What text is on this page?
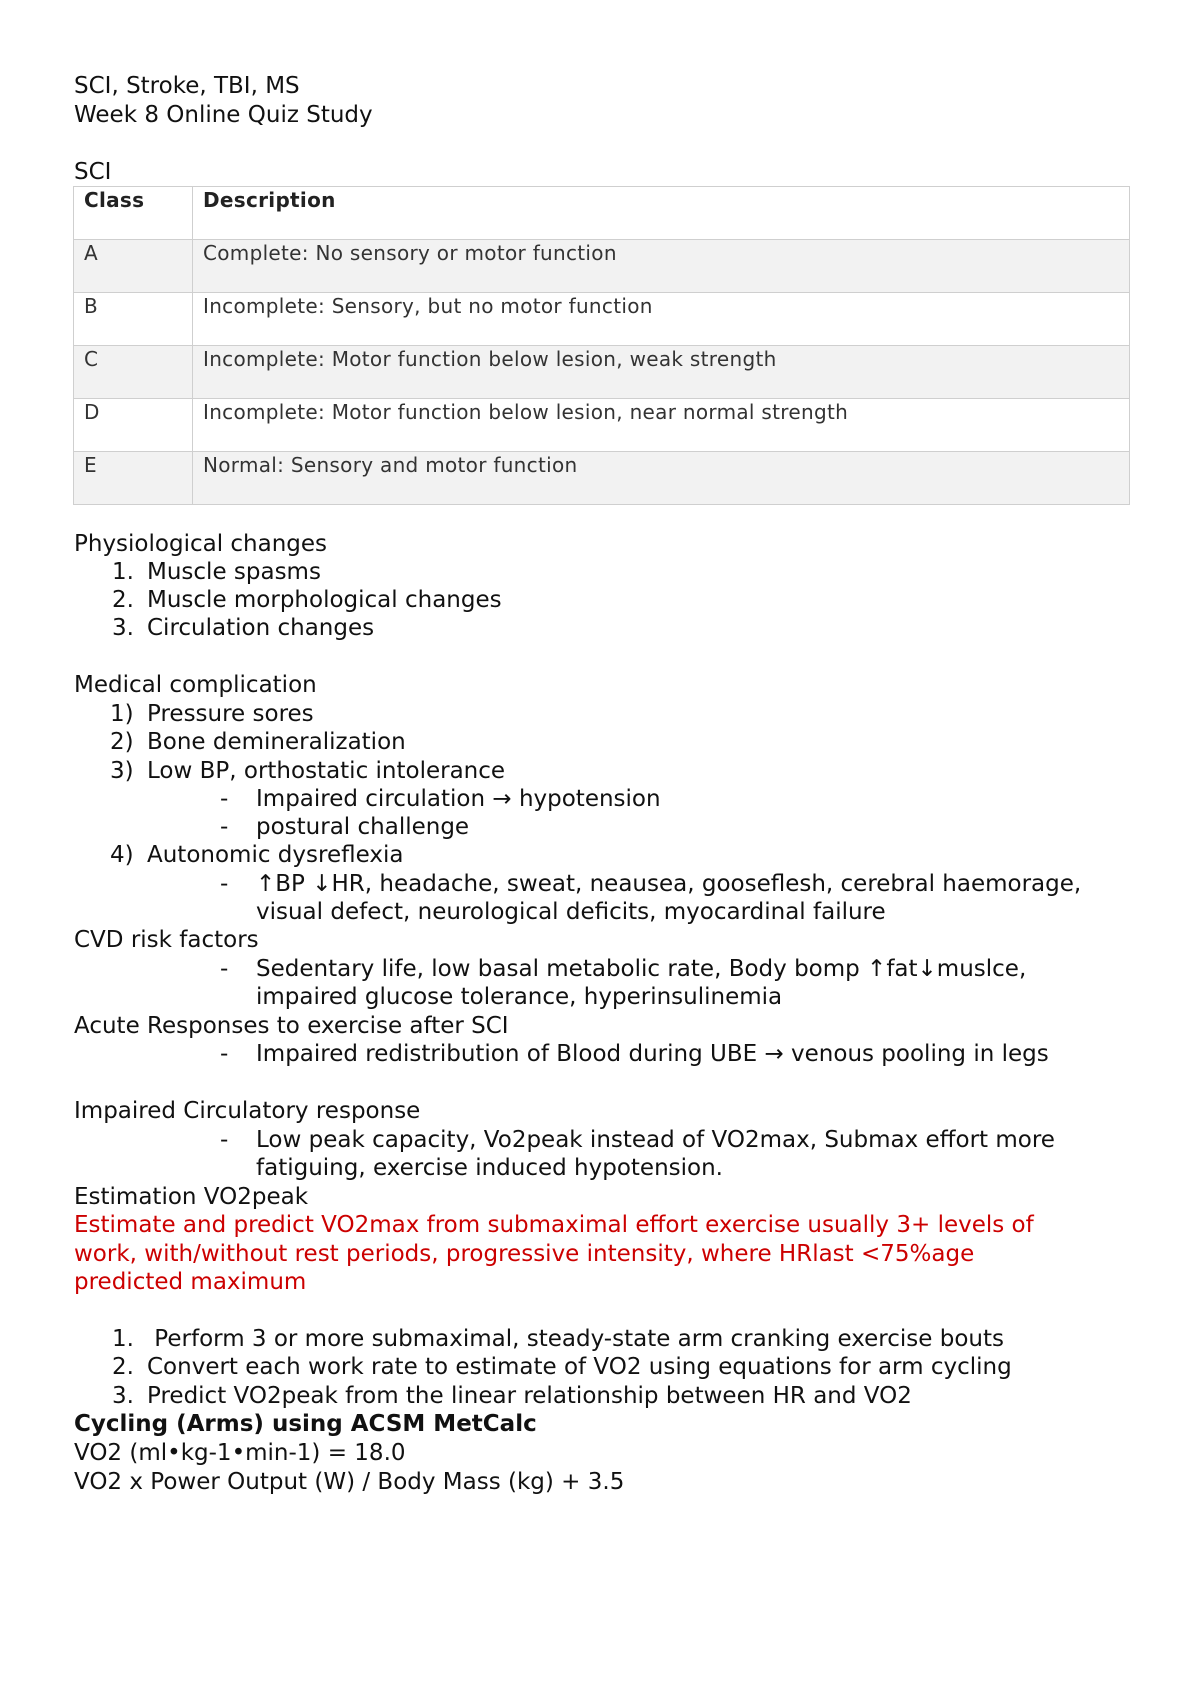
SCI, Stroke, TBI, MS
Week 8 Online Quiz Study
SCI
Class	Description
A	Complete: No sensory or motor function
B	Incomplete: Sensory, but no motor function
C	Incomplete: Motor function below lesion, weak strength
D	Incomplete: Motor function below lesion, near normal strength
E	Normal: Sensory and motor function
Physiological changes
1. Muscle spasms
2. Muscle morphological changes
3. Circulation changes
Medical complication
1) Pressure sores
2) Bone demineralization
3) Low BP, orthostatic intolerance
- Impaired circulation → hypotension
- postural challenge
4) Autonomic dysreflexia
- ↑BP ↓HR, headache, sweat, neausea, gooseflesh, cerebral haemorage,
visual defect, neurological deficits, myocardinal failure
CVD risk factors
- Sedentary life, low basal metabolic rate, Body bomp ↑fat↓muslce,
impaired glucose tolerance, hyperinsulinemia
Acute Responses to exercise after SCI
- Impaired redistribution of Blood during UBE → venous pooling in legs
Impaired Circulatory response
- Low peak capacity, Vo2peak instead of VO2max, Submax effort more
fatiguing, exercise induced hypotension.
Estimation VO2peak
Estimate and predict VO2max from submaximal effort exercise usually 3+ levels of
work, with/without rest periods, progressive intensity, where HRlast <75%age
predicted maximum
1. Perform 3 or more submaximal, steady-state arm cranking exercise bouts
2. Convert each work rate to estimate of VO2 using equations for arm cycling
3. Predict VO2peak from the linear relationship between HR and VO2
Cycling (Arms) using ACSM MetCalc
VO2 (ml•kg-1•min-1) = 18.0
VO2 x Power Output (W) / Body Mass (kg) + 3.5
